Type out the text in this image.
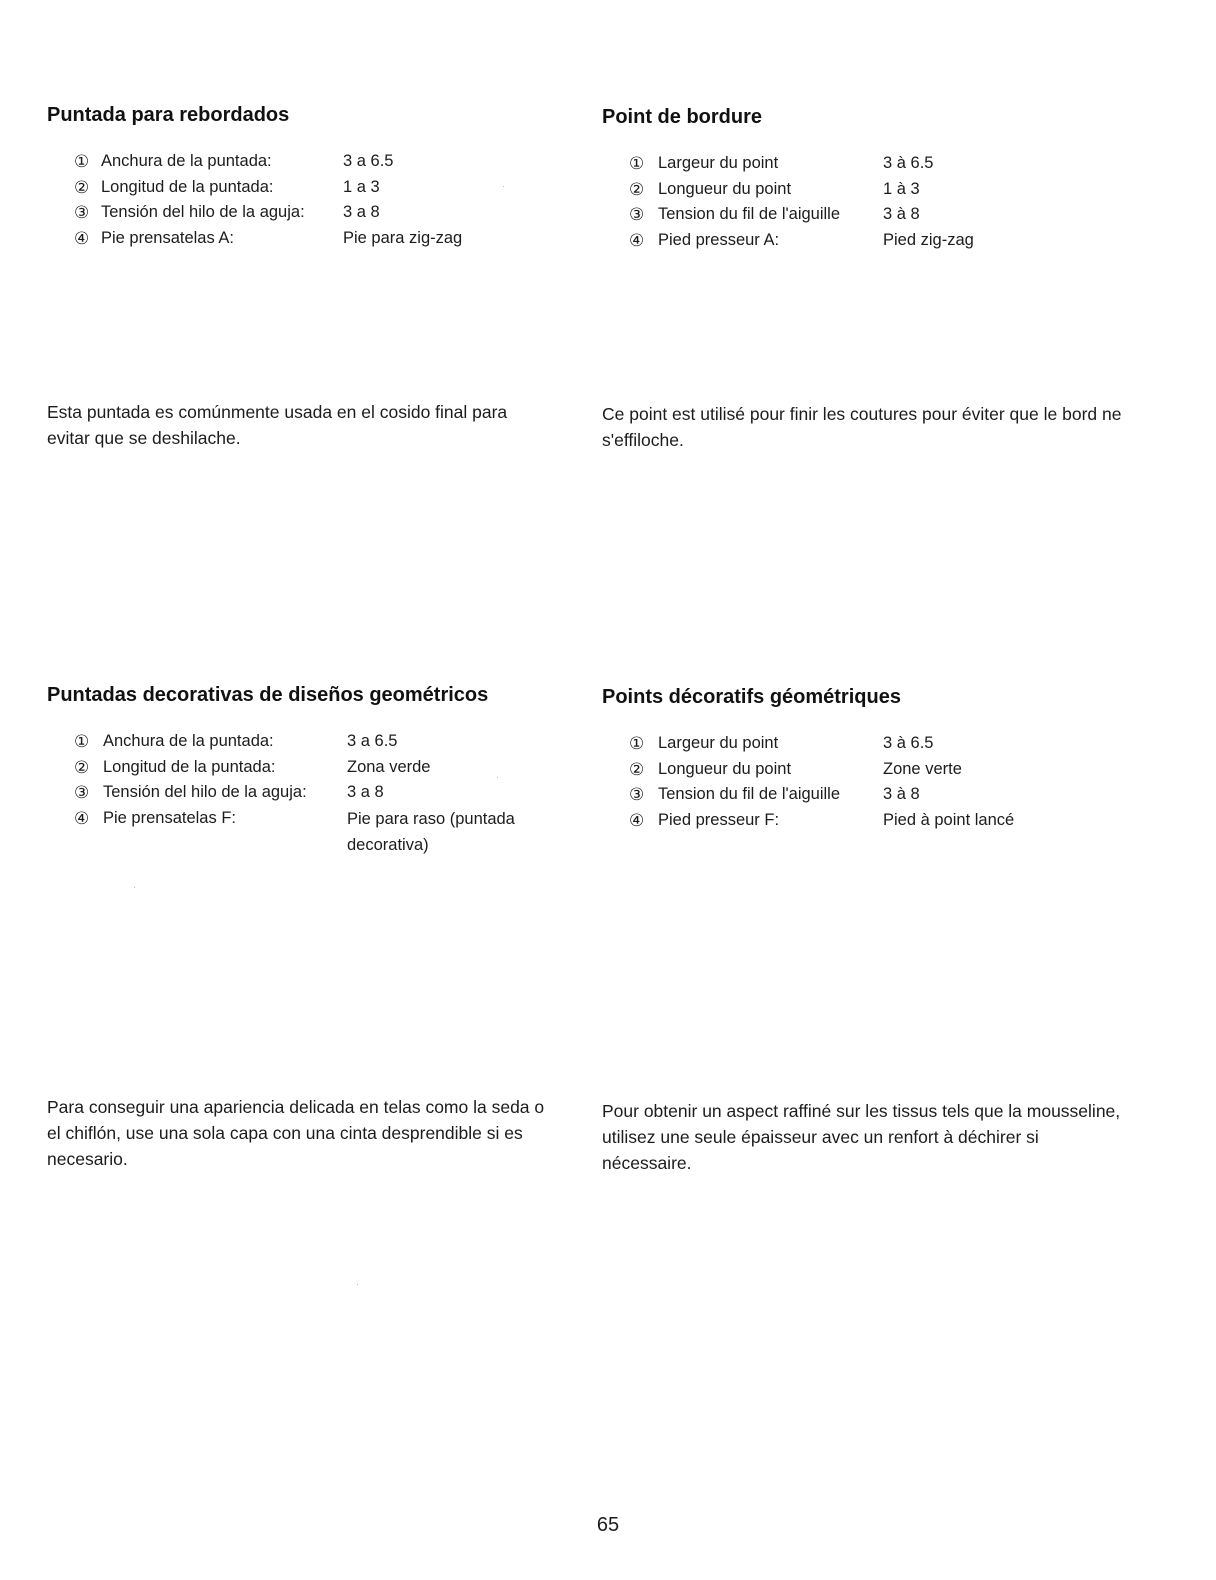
Puntada para rebordados
① Anchura de la puntada:	3 a 6.5
② Longitud de la puntada:	1 a 3
③ Tensión del hilo de la aguja: 3 a 8
④ Pie prensatelas A:	Pie para zig-zag

Esta puntada es comúnmente usada en el cosido final para evitar que se deshilache.

Point de bordure
① Largeur du point	3 à 6.5
② Longueur du point	1 à 3
③ Tension du fil de l'aiguille	3 à 8
④ Pied presseur A:	Pied zig-zag

Ce point est utilisé pour finir les coutures pour éviter que le bord ne s'effiloche.

Puntadas decorativas de diseños geométricos
① Anchura de la puntada:	3 a 6.5
② Longitud de la puntada:	Zona verde
③ Tensión del hilo de la aguja: 3 a 8
④ Pie prensatelas F:	Pie para raso (puntada decorativa)

Para conseguir una apariencia delicada en telas como la seda o el chiflón, use una sola capa con una cinta desprendible si es necesario.

Points décoratifs géométriques
① Largeur du point	3 à 6.5
② Longueur du point	Zone verte
③ Tension du fil de l'aiguille	3 à 8
④ Pied presseur F:	Pied à point lancé

Pour obtenir un aspect raffiné sur les tissus tels que la mousseline, utilisez une seule épaisseur avec un renfort à déchirer si nécessaire.

65
